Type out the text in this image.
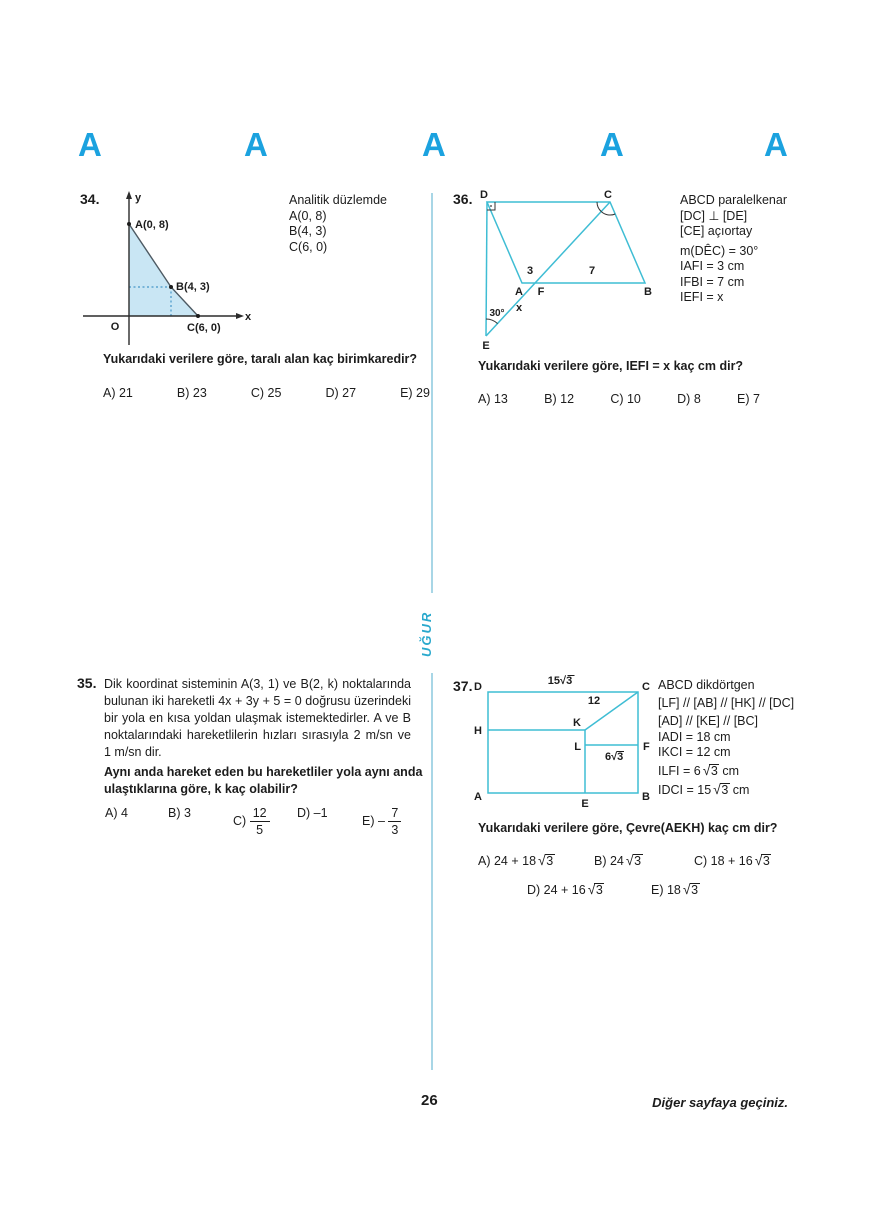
A	A	A	A	A
34.	y
x
O
A(0, 8)
B(4, 3)
C(6, 0)
Analitik düzlemde
A(0, 8)
B(4, 3)
C(6, 0)
Yukarıdaki verilere göre, taralı alan kaç birimkaredir?
A) 21	B) 23	C) 25	D) 27	E) 29
36. D	C
A F	B
E
3	7
x
30°
ABCD paralelkenar
[DC] ⊥ [DE]
[CE] açıortay
m(DÊC) = 30°
IAFI = 3 cm
IFBI = 7 cm
IEFI = x
Yukarıdaki verilere göre, IEFI = x kaç cm dir?
A) 13	B) 12	C) 10	D) 8	E) 7
UĞUR
35. Dik koordinat sisteminin A(3, 1) ve B(2, k) noktalarında bulunan iki hareketli 4x + 3y + 5 = 0 doğrusu üzerindeki bir yola en kısa yoldan ulaşmak istemektedirler. A ve B noktalarındaki hareketlilerin hızları sırasıyla 2 m/sn ve 1 m/sn dir.
Aynı anda hareket eden bu hareketliler yola aynı anda ulaştıklarına göre, k kaç olabilir?
A) 4	B) 3
$C) \frac{12}{5} D$) –1
$E) - \frac{7}{3}$
37. D	C
A	B
H
K
L	F
E
15√3
12
6√3
ABCD dikdörtgen
[LF] // [AB] // [HK] // [DC]
[AD] // [KE] // [BC]
IADI = 18 cm
IKCI = 12 cm
ILFI = 6 √3 cm
IDCI = 15 √3 cm
Yukarıdaki verilere göre, Çevre(AEKH) kaç cm dir?
A) 24 + 18 √3	B) 24 √3	C) 18 + 16 √3
D) 24 + 16 √3	E) 18 √3
26	Diğer sayfaya geçiniz.
